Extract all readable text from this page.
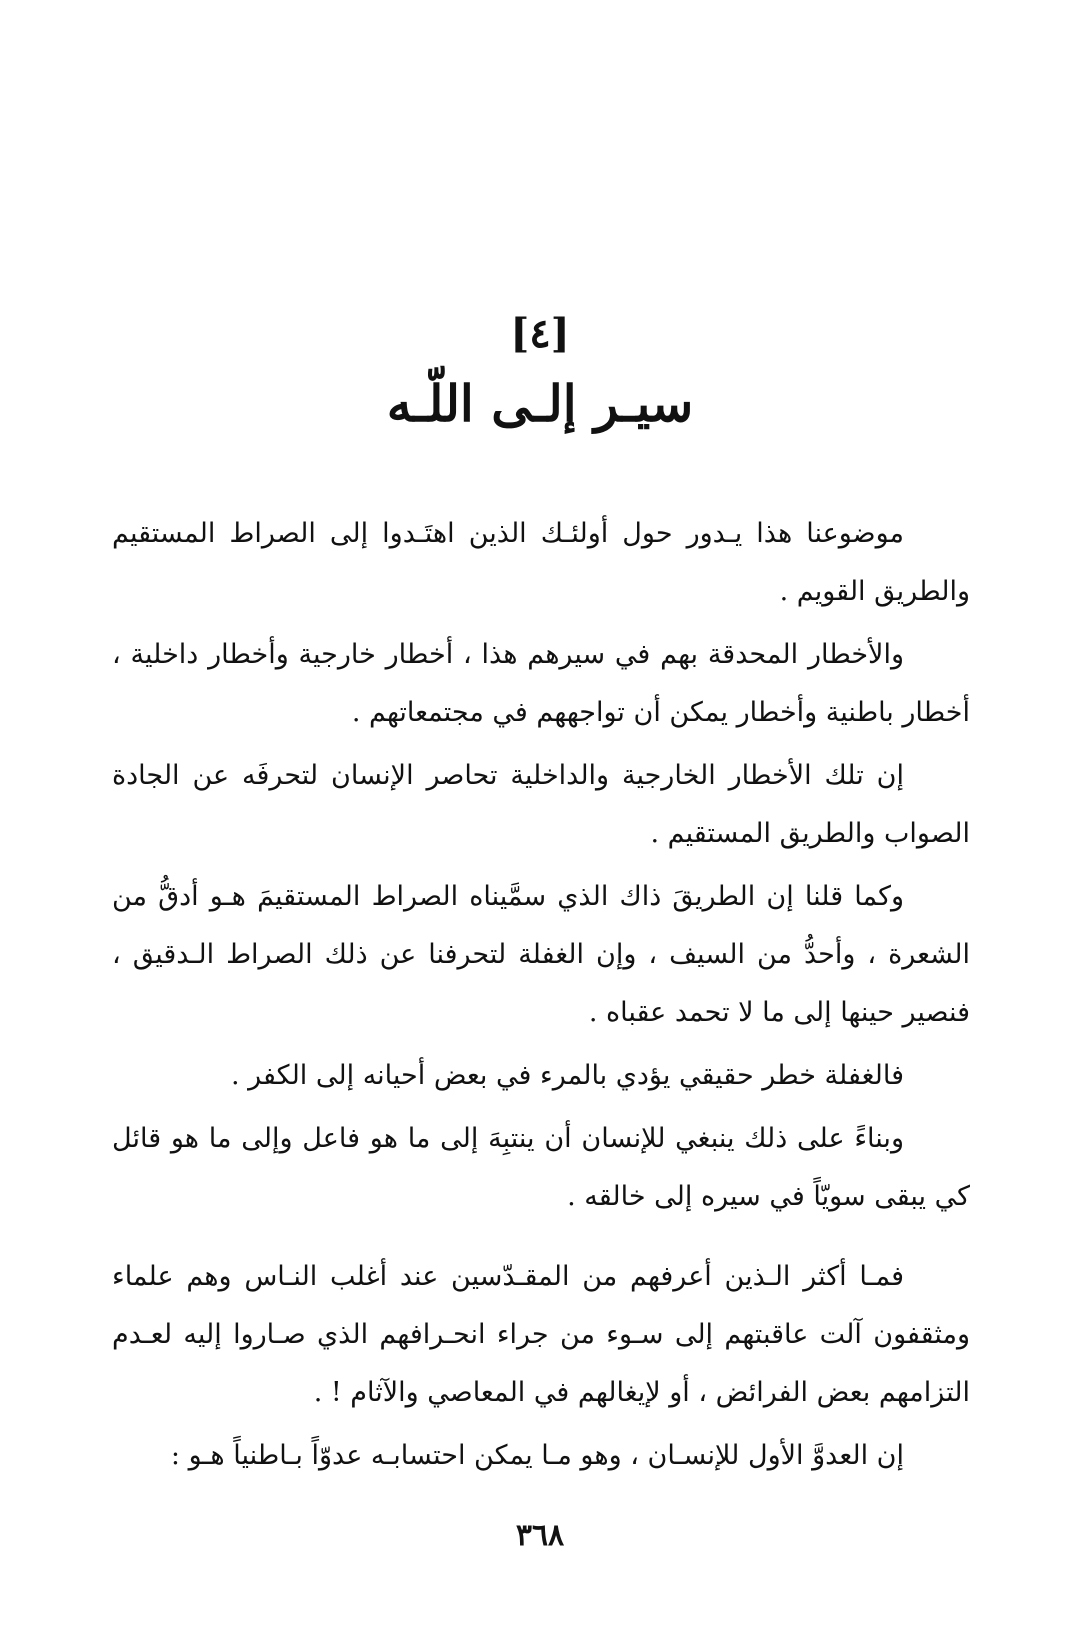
[٤]
سيـر إلـى اللّـه

موضوعنا هذا يـدور حول أولئـك الذين اهتَـدوا إلى الصراط المستقيم والطريق القويم .

والأخطار المحدقة بهم في سيرهم هذا ، أخطار خارجية وأخطار داخلية ، أخطار باطنية وأخطار يمكن أن تواجههم في مجتمعاتهم .

إن تلك الأخطار الخارجية والداخلية تحاصر الإنسان لتحرفَه عن الجادة الصواب والطريق المستقيم .

وكما قلنا إن الطريقَ ذاك الذي سمَّيناه الصراط المستقيمَ هـو أدقُّ من الشعرة ، وأحدُّ من السيف ، وإن الغفلة لتحرفنا عن ذلك الصراط الـدقيق ، فنصير حينها إلى ما لا تحمد عقباه .

فالغفلة خطر حقيقي يؤدي بالمرء في بعض أحيانه إلى الكفر .

وبناءً على ذلك ينبغي للإنسان أن ينتبِهَ إلى ما هو فاعل وإلى ما هو قائل كي يبقى سويّاً في سيره إلى خالقه .

فمـا أكثر الـذين أعرفهم من المقـدّسين عند أغلب النـاس وهم علماء ومثقفون آلت عاقبتهم إلى سـوء من جراء انحـرافهم الذي صـاروا إليه لعـدم التزامهم بعض الفرائض ، أو لإيغالهم في المعاصي والآثام ! .

إن العدوَّ الأول للإنسـان ، وهو مـا يمكن احتسابـه عدوّاً بـاطنياً هـو :

٣٦٨
